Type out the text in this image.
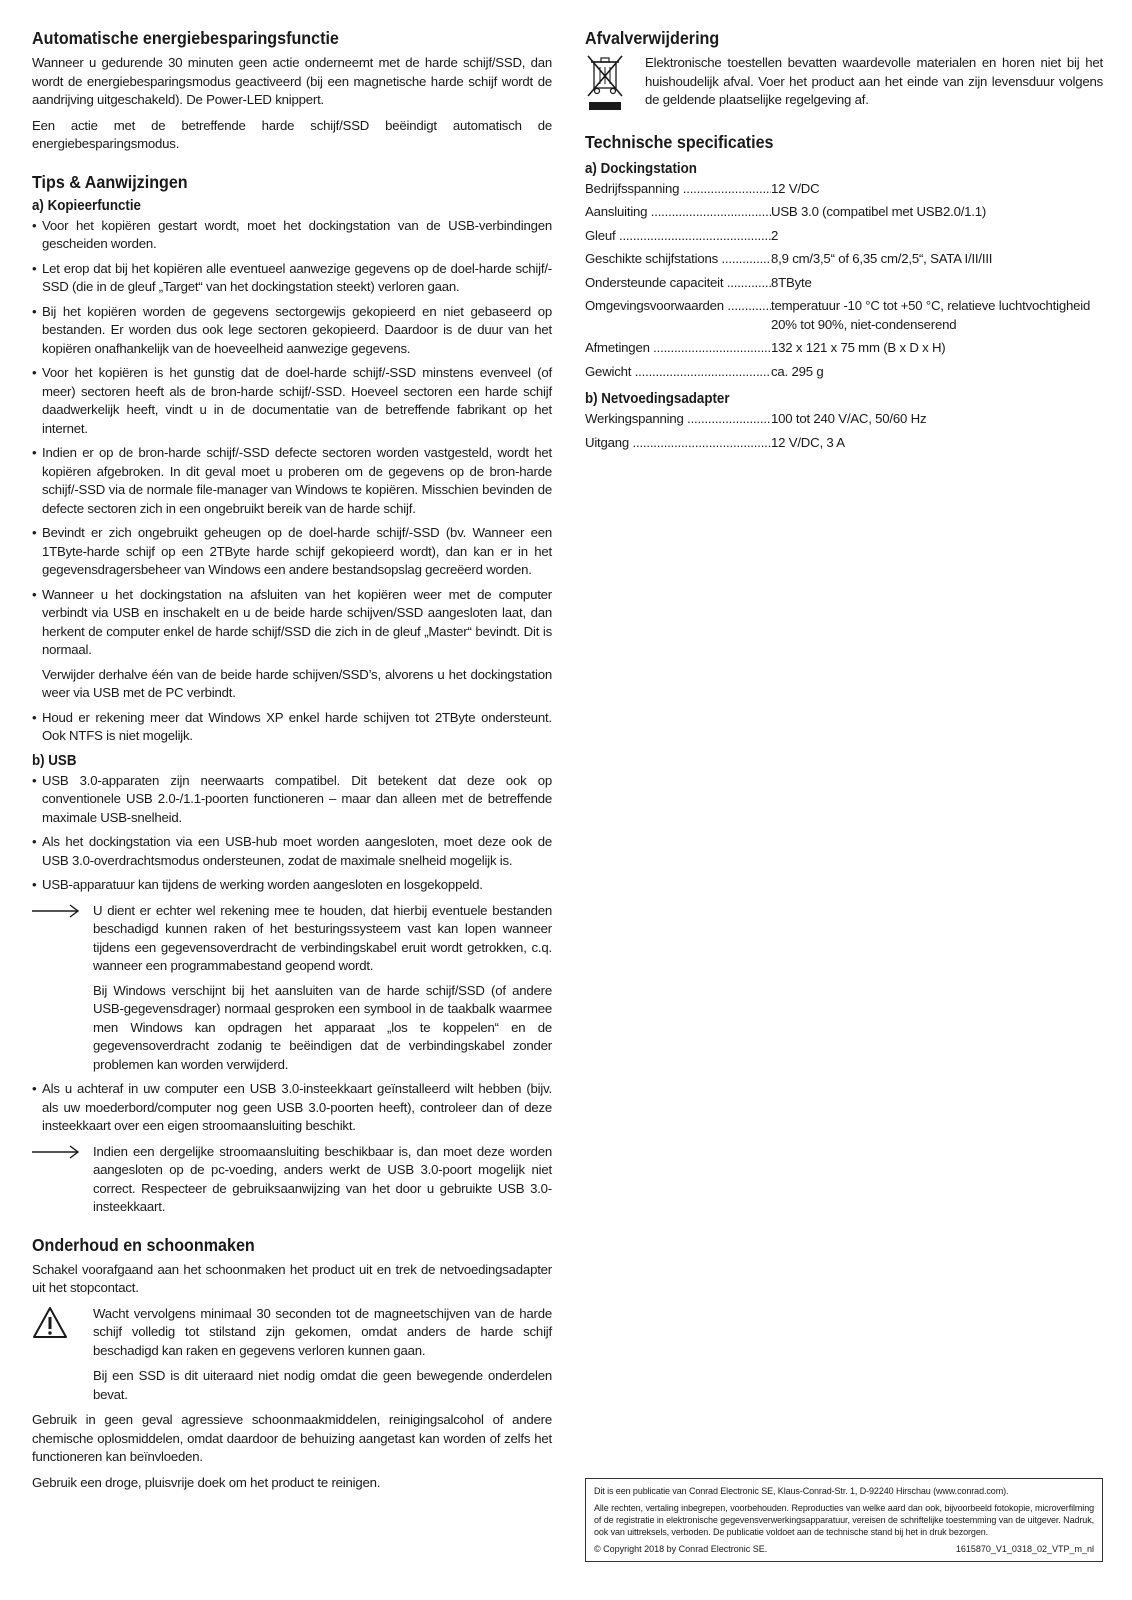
Automatische energiebesparingsfunctie

Wanneer u gedurende 30 minuten geen actie onderneemt met de harde schijf/SSD, dan wordt de energiebesparingsmodus geactiveerd (bij een magnetische harde schijf wordt de aandrijving uitgeschakeld). De Power-LED knippert.

Een actie met de betreffende harde schijf/SSD beëindigt automatisch de energiebesparingsmodus.

Tips & Aanwijzingen
a) Kopieerfunctie
• Voor het kopiëren gestart wordt, moet het dockingstation van de USB-verbindingen gescheiden worden.
• Let erop dat bij het kopiëren alle eventueel aanwezige gegevens op de doel-harde schijf/-SSD (die in de gleuf „Target“ van het dockingstation steekt) verloren gaan.
• Bij het kopiëren worden de gegevens sectorgewijs gekopieerd en niet gebaseerd op bestanden. Er worden dus ook lege sectoren gekopieerd. Daardoor is de duur van het kopiëren onafhankelijk van de hoeveelheid aanwezige gegevens.
• Voor het kopiëren is het gunstig dat de doel-harde schijf/-SSD minstens evenveel (of meer) sectoren heeft als de bron-harde schijf/-SSD. Hoeveel sectoren een harde schijf daadwerkelijk heeft, vindt u in de documentatie van de betreffende fabrikant op het internet.
• Indien er op de bron-harde schijf/-SSD defecte sectoren worden vastgesteld, wordt het kopiëren afgebroken. In dit geval moet u proberen om de gegevens op de bron-harde schijf/-SSD via de normale file-manager van Windows te kopiëren. Misschien bevinden de defecte sectoren zich in een ongebruikt bereik van de harde schijf.
• Bevindt er zich ongebruikt geheugen op de doel-harde schijf/-SSD (bv. Wanneer een 1TByte-harde schijf op een 2TByte harde schijf gekopieerd wordt), dan kan er in het gegevensdragersbeheer van Windows een andere bestandsopslag gecreëerd worden.
• Wanneer u het dockingstation na afsluiten van het kopiëren weer met de computer verbindt via USB en inschakelt en u de beide harde schijven/SSD aangesloten laat, dan herkent de computer enkel de harde schijf/SSD die zich in de gleuf „Master“ bevindt. Dit is normaal.
Verwijder derhalve één van de beide harde schijven/SSD’s, alvorens u het dockingstation weer via USB met de PC verbindt.
• Houd er rekening meer dat Windows XP enkel harde schijven tot 2TByte ondersteunt. Ook NTFS is niet mogelijk.
b) USB
• USB 3.0-apparaten zijn neerwaarts compatibel. Dit betekent dat deze ook op conventionele USB 2.0-/1.1-poorten functioneren – maar dan alleen met de betreffende maximale USB-snelheid.
• Als het dockingstation via een USB-hub moet worden aangesloten, moet deze ook de USB 3.0-overdrachtsmodus ondersteunen, zodat de maximale snelheid mogelijk is.
• USB-apparatuur kan tijdens de werking worden aangesloten en losgekoppeld.

U dient er echter wel rekening mee te houden, dat hierbij eventuele bestanden beschadigd kunnen raken of het besturingssysteem vast kan lopen wanneer tijdens een gegevensoverdracht de verbindingskabel eruit wordt getrokken, c.q. wanneer een programmabestand geopend wordt.

Bij Windows verschijnt bij het aansluiten van de harde schijf/SSD (of andere USB-gegevensdrager) normaal gesproken een symbool in de taakbalk waarmee men Windows kan opdragen het apparaat „los te koppelen“ en de gegevensoverdracht zodanig te beëindigen dat de verbindingskabel zonder problemen kan worden verwijderd.

• Als u achteraf in uw computer een USB 3.0-insteekkaart geïnstalleerd wilt hebben (bijv. als uw moederbord/computer nog geen USB 3.0-poorten heeft), controleer dan of deze insteekkaart over een eigen stroomaansluiting beschikt.

Indien een dergelijke stroomaansluiting beschikbaar is, dan moet deze worden aangesloten op de pc-voeding, anders werkt de USB 3.0-poort mogelijk niet correct. Respecteer de gebruiksaanwijzing van het door u gebruikte USB 3.0-insteekkaart.

Onderhoud en schoonmaken

Schakel voorafgaand aan het schoonmaken het product uit en trek de netvoedingsadapter uit het stopcontact.

Wacht vervolgens minimaal 30 seconden tot de magneetschijven van de harde schijf volledig tot stilstand zijn gekomen, omdat anders de harde schijf beschadigd kan raken en gegevens verloren kunnen gaan.

Bij een SSD is dit uiteraard niet nodig omdat die geen bewegende onderdelen bevat.

Gebruik in geen geval agressieve schoonmaakmiddelen, reinigingsalcohol of andere chemische oplosmiddelen, omdat daardoor de behuizing aangetast kan worden of zelfs het functioneren kan beïnvloeden.

Gebruik een droge, pluisvrije doek om het product te reinigen.

Afvalverwijdering

Elektronische toestellen bevatten waardevolle materialen en horen niet bij het huishoudelijk afval. Voer het product aan het einde van zijn levensduur volgens de geldende plaatselijke regelgeving af.

Technische specificaties
a) Dockingstation
Bedrijfsspanning .....	12 V/DC
Aansluiting .....	USB 3.0 (compatibel met USB2.0/1.1)
Gleuf .....	2
Geschikte schijfstations .....	8,9 cm/3,5“ of 6,35 cm/2,5“, SATA I/II/III
Ondersteunde capaciteit .....	8TByte
Omgevingsvoorwaarden .....	temperatuur -10 °C tot +50 °C, relatieve luchtvochtigheid 20% tot 90%, niet-condenserend
Afmetingen .....	132 x 121 x 75 mm (B x D x H)
Gewicht .....	ca. 295 g
b) Netvoedingsadapter
Werkingspanning .....	100 tot 240 V/AC, 50/60 Hz
Uitgang .....	12 V/DC, 3 A

Dit is een publicatie van Conrad Electronic SE, Klaus-Conrad-Str. 1, D-92240 Hirschau (www.conrad.com).

Alle rechten, vertaling inbegrepen, voorbehouden. Reproducties van welke aard dan ook, bijvoorbeeld fotokopie, microverfilming of de registratie in elektronische gegevensverwerkingsapparatuur, vereisen de schriftelijke toestemming van de uitgever. Nadruk, ook van uittreksels, verboden. De publicatie voldoet aan de technische stand bij het in druk bezorgen.

© Copyright 2018 by Conrad Electronic SE.	1615870_V1_0318_02_VTP_m_nl
